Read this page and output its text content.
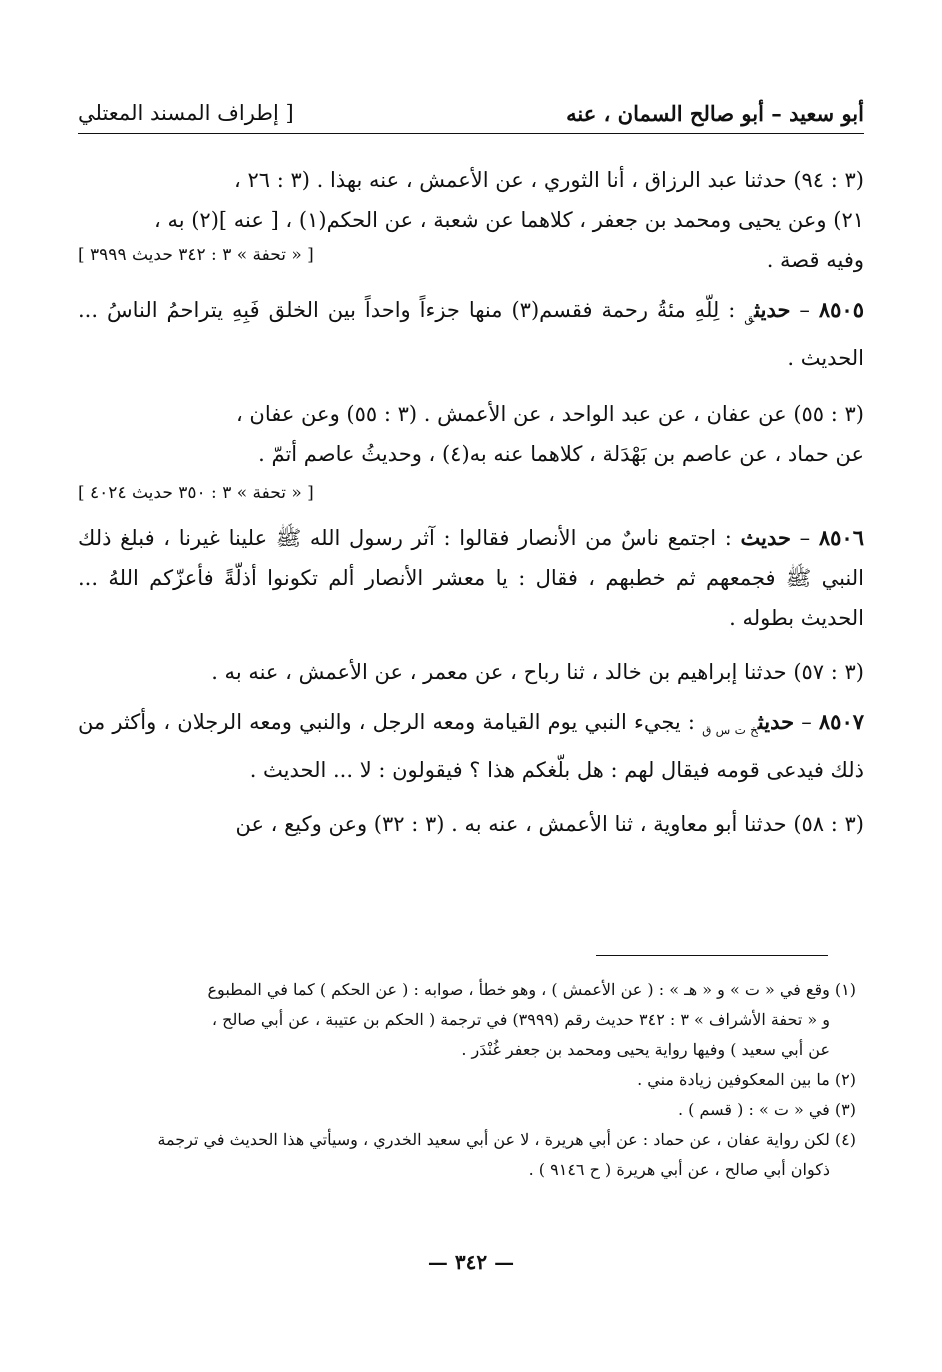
أبو سعيد – أبو صالح السمان ، عنه
[ إطراف المسند المعتلي
(٣ : ٩٤) حدثنا عبد الرزاق ، أنا الثوري ، عن الأعمش ، عنه بهذا . (٣ : ٢٦ ،
٢١) وعن يحيى ومحمد بن جعفر ، كلاهما عن شعبة ، عن الحكم(١) ، [ عنه ](٢) به ،
وفيه قصة .
[ « تحفة » ٣ : ٣٤٢ حديث ٣٩٩٩ ]
٨٥٠٥ – حديث$_ق$ : لِلّهِ مئةُ رحمة فقسم(٣) منها جزءاً واحداً بين الخلق فَبِهِ يتراحمُ الناسُ ... الحديث .
(٣ : ٥٥) عن عفان ، عن عبد الواحد ، عن الأعمش . (٣ : ٥٥) وعن عفان ،
عن حماد ، عن عاصم بن بَهْدَلة ، كلاهما عنه به(٤) ، وحديثُ عاصم أتمّ .
[ « تحفة » ٣ : ٣٥٠ حديث ٤٠٢٤ ]
٨٥٠٦ – حديث : اجتمع ناسٌ من الأنصار فقالوا : آثر رسول الله ﷺ علينا غيرنا ، فبلغ ذلك النبي ﷺ فجمعهم ثم خطبهم ، فقال : يا معشر الأنصار ألم تكونوا أذلّةً فأعزّكم اللهُ ... الحديث بطوله .
(٣ : ٥٧) حدثنا إبراهيم بن خالد ، ثنا رباح ، عن معمر ، عن الأعمش ، عنه به .
٨٥٠٧ – حديث$_{خ ت س ق}$ : يجيء النبي يوم القيامة ومعه الرجل ، والنبي ومعه الرجلان ، وأكثر من ذلك فيدعى قومه فيقال لهم : هل بلّغكم هذا ؟ فيقولون : لا ... الحديث .
(٣ : ٥٨) حدثنا أبو معاوية ، ثنا الأعمش ، عنه به . (٣ : ٣٢) وعن وكيع ، عن

(١) وقع في « ت » و « هـ » : ( عن الأعمش ) ، وهو خطأ ، صوابه : ( عن الحكم ) كما في المطبوع

و « تحفة الأشراف » ٣ : ٣٤٢ حديث رقم (٣٩٩٩) في ترجمة ( الحكم بن عتيبة ، عن أبي صالح ،

عن أبي سعيد ) وفيها رواية يحيى ومحمد بن جعفر غُنْدَر .

(٢) ما بين المعكوفين زيادة مني .

(٣) في « ت » : ( قسم ) .

(٤) لكن رواية عفان ، عن حماد : عن أبي هريرة ، لا عن أبي سعيد الخدري ، وسيأتي هذا الحديث في ترجمة

ذكوان أبي صالح ، عن أبي هريرة ( ح ٩١٤٦ ) .

— ٣٤٢ —
